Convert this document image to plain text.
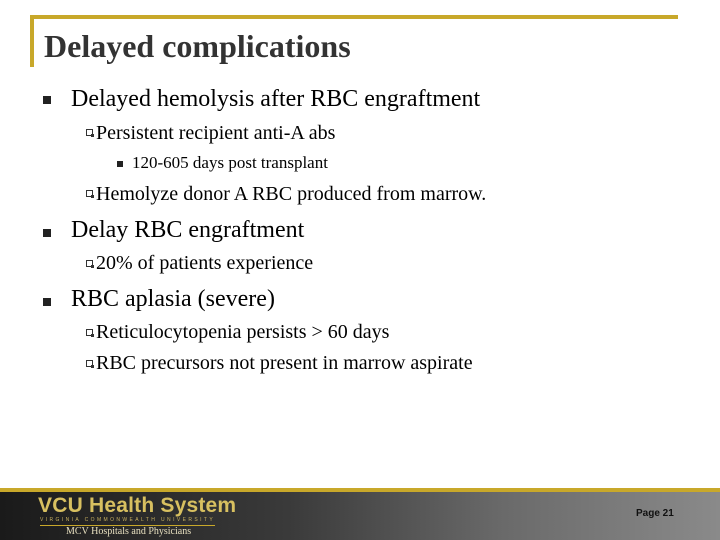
Delayed complications
Delayed hemolysis after RBC engraftment
Persistent recipient anti-A abs
120-605 days post transplant
Hemolyze donor A RBC produced from marrow.
Delay RBC engraftment
20% of patients experience
RBC aplasia (severe)
Reticulocytopenia persists > 60 days
RBC precursors not present in marrow aspirate
VCU Health System
VIRGINIA COMMONWEALTH UNIVERSITY
MCV Hospitals and Physicians
Page 21
